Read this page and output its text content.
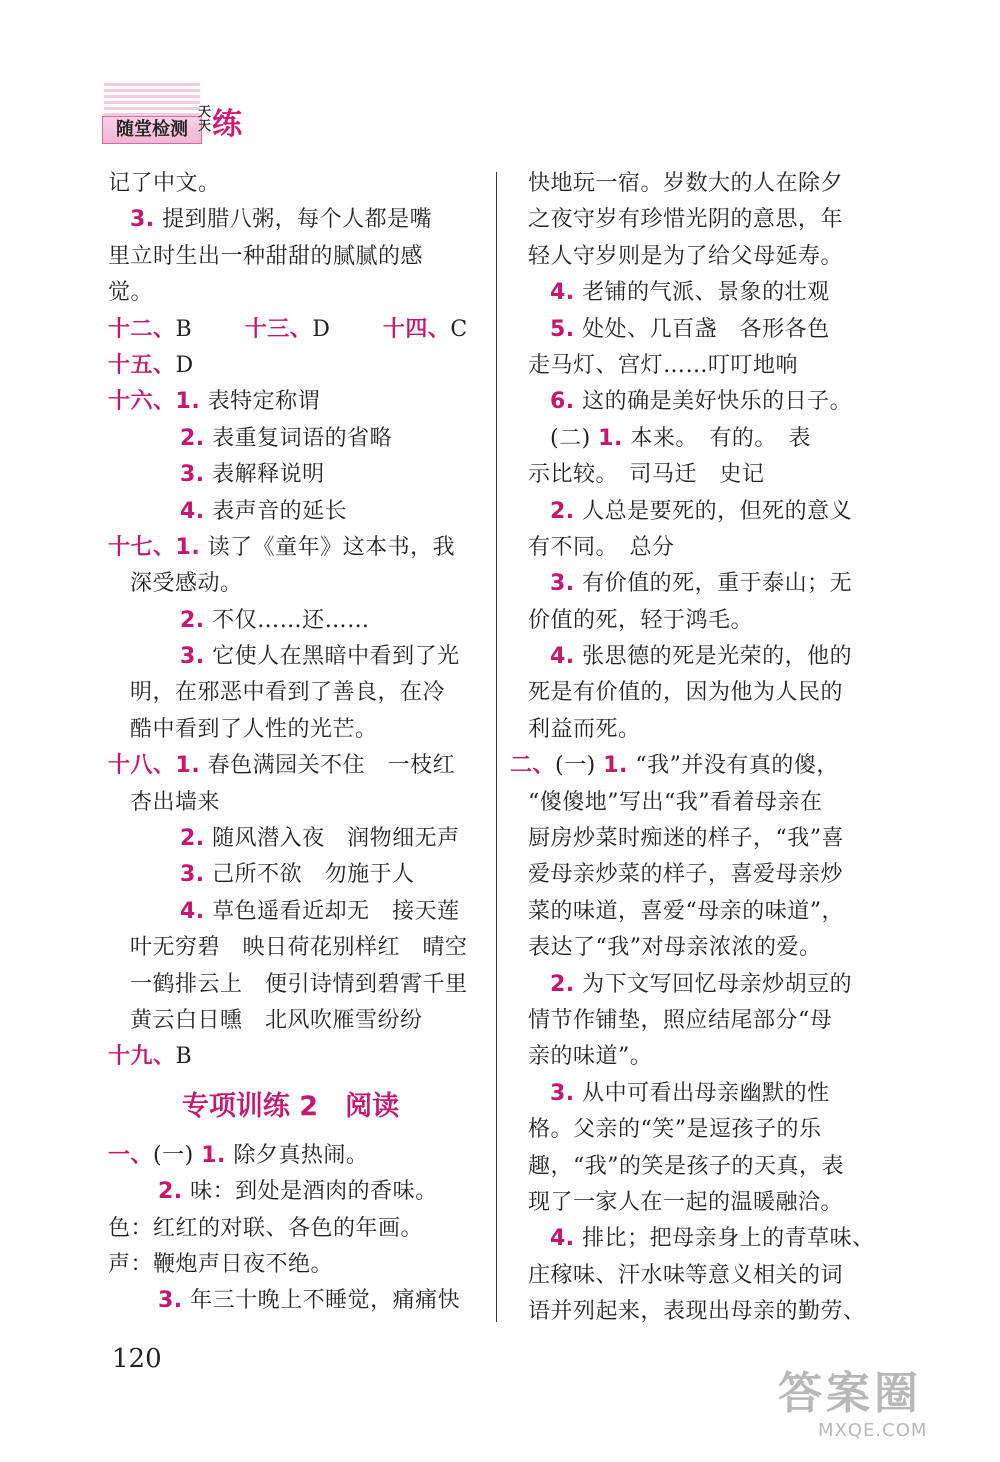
随堂检测
天天 练
记了中文。
3. 提到腊八粥，每个人都是嘴
里立时生出一种甜甜的腻腻的感
觉。
十二、B　　 十三、D　　 十四、C
十五、D
十六、1. 表特定称谓
2. 表重复词语的省略
3. 表解释说明
4. 表声音的延长
十七、1. 读了《童年》这本书，我
深受感动。
2. 不仅……还……
3. 它使人在黑暗中看到了光
明，在邪恶中看到了善良，在冷
酷中看到了人性的光芒。
十八、1. 春色满园关不住　一枝红
杏出墙来
2. 随风潜入夜　润物细无声
3. 己所不欲　勿施于人
4. 草色遥看近却无　接天莲
叶无穷碧　映日荷花别样红　晴空
一鹤排云上　便引诗情到碧霄千里
黄云白日曛　北风吹雁雪纷纷
十九、B
专项训练 2　阅读
一、(一) 1. 除夕真热闹。
2. 味：到处是酒肉的香味。
色：红红的对联、各色的年画。
声：鞭炮声日夜不绝。
3. 年三十晚上不睡觉，痛痛快
快地玩一宿。岁数大的人在除夕
之夜守岁有珍惜光阴的意思，年
轻人守岁则是为了给父母延寿。
4. 老铺的气派、景象的壮观
5. 处处、几百盏　各形各色
走马灯、宫灯……叮叮地响
6. 这的确是美好快乐的日子。
(二) 1. 本来。　有的。　表
示比较。　司马迁　史记
2. 人总是要死的，但死的意义
有不同。　总分
3. 有价值的死，重于泰山；无
价值的死，轻于鸿毛。
4. 张思德的死是光荣的，他的
死是有价值的，因为他为人民的
利益而死。
二、(一) 1. “我”并没有真的傻，
“傻傻地”写出“我”看着母亲在
厨房炒菜时痴迷的样子，“我”喜
爱母亲炒菜的样子，喜爱母亲炒
菜的味道，喜爱“母亲的味道”，
表达了“我”对母亲浓浓的爱。
2. 为下文写回忆母亲炒胡豆的
情节作铺垫，照应结尾部分“母
亲的味道”。
3. 从中可看出母亲幽默的性
格。父亲的“笑”是逗孩子的乐
趣，“我”的笑是孩子的天真，表
现了一家人在一起的温暖融洽。
4. 排比；把母亲身上的青草味、
庄稼味、汗水味等意义相关的词
语并列起来，表现出母亲的勤劳、
120
答案圈
MXQE.COM
